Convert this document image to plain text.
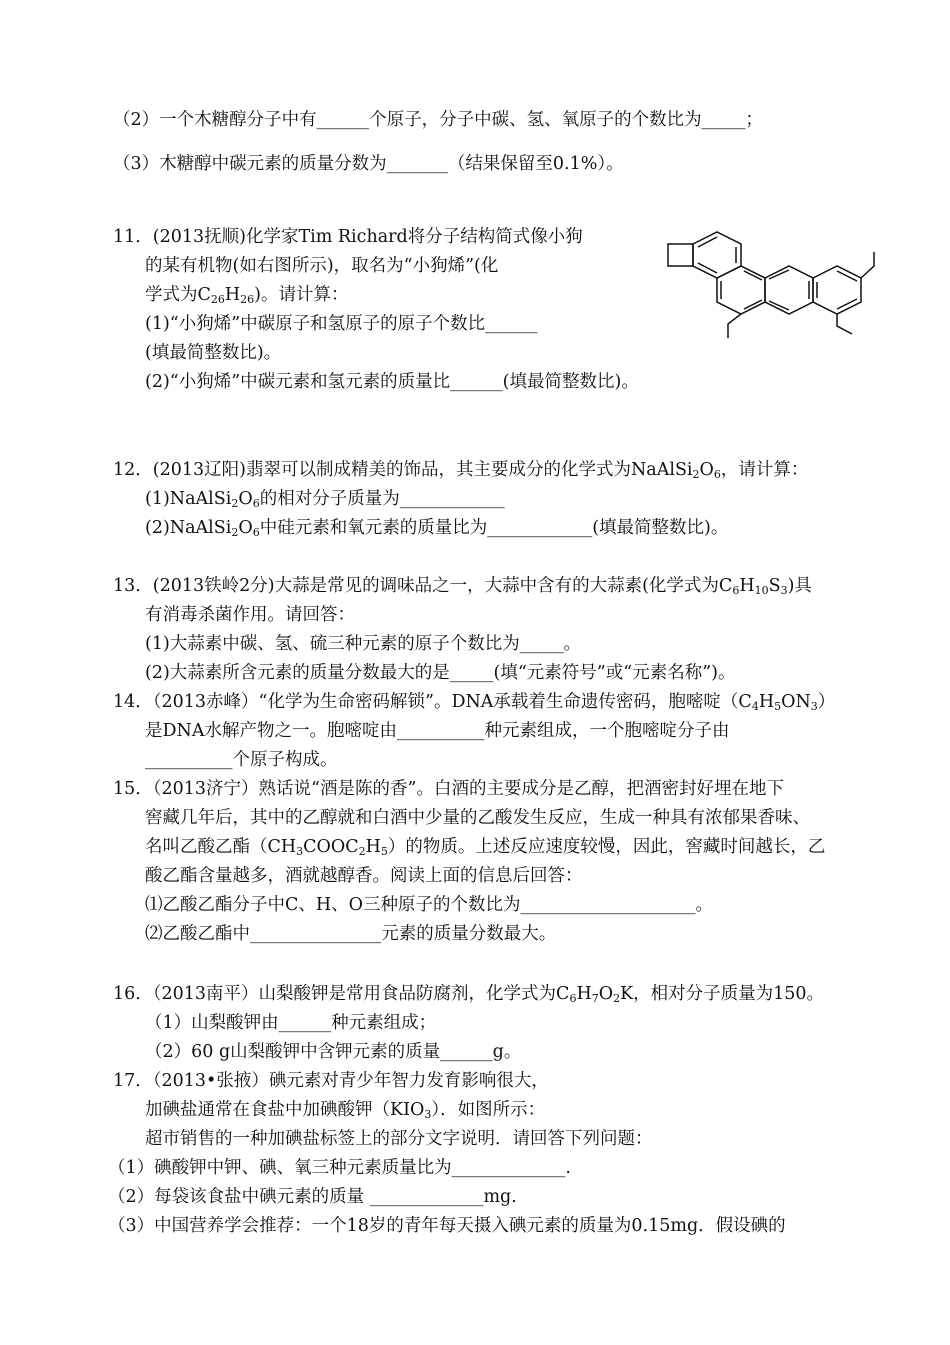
（2）一个木糖醇分子中有______个原子，分子中碳、氢、氧原子的个数比为_____；
（3）木糖醇中碳元素的质量分数为_______（结果保留至0.1%）。
11．(2013抚顺)化学家Tim Richard将分子结构简式像小狗
的某有机物(如右图所示)，取名为“小狗烯”(化
学式为$C_{26}H_{26}$)。请计算：
(1)“小狗烯”中碳原子和氢原子的原子个数比______
(填最简整数比)。
(2)“小狗烯”中碳元素和氢元素的质量比______(填最简整数比)。
12．(2013辽阳)翡翠可以制成精美的饰品，其主要成分的化学式为$NaAlSi_2O_6$，请计算：
$(1)NaAlSi_2O_6$的相对分子质量为____________
$(2)NaAlSi_2O_6$中硅元素和氧元素的质量比为____________(填最简整数比)。
13．(2013铁岭2分)大蒜是常见的调味品之一，大蒜中含有的大蒜素(化学式为$C_6H_{10}S_3$)具
有消毒杀菌作用。请回答：
(1)大蒜素中碳、氢、硫三种元素的原子个数比为_____。
(2)大蒜素所含元素的质量分数最大的是_____(填“元素符号”或“元素名称”)。
14．（2013赤峰）“化学为生命密码解锁”。DNA承载着生命遗传密码，胞嘧啶$(C_4H_5ON_3)$
是DNA水解产物之一。胞嘧啶由__________种元素组成，一个胞嘧啶分子由
__________个原子构成。
15．（2013济宁）熟话说“酒是陈的香”。白酒的主要成分是乙醇，把酒密封好埋在地下
窖藏几年后，其中的乙醇就和白酒中少量的乙酸发生反应，生成一种具有浓郁果香味、
名叫乙酸乙酯$(CH_3COOC_2H_5)$的物质。上述反应速度较慢，因此，窖藏时间越长，乙
酸乙酯含量越多，酒就越醇香。阅读上面的信息后回答：
⑴乙酸乙酯分子中C、H、O三种原子的个数比为____________________。
⑵乙酸乙酯中_______________元素的质量分数最大。
16．（2013南平）山梨酸钾是常用食品防腐剂，化学式为$C_6H_7O_2K$，相对分子质量为150。
（1）山梨酸钾由______种元素组成；
（2）60 g山梨酸钾中含钾元素的质量______g。
17．（2013•张掖）碘元素对青少年智力发育影响很大，
加碘盐通常在食盐中加碘酸钾$(KIO_3)$．如图所示：
超市销售的一种加碘盐标签上的部分文字说明．请回答下列问题：
（1）碘酸钾中钾、碘、氧三种元素质量比为_____________.
（2）每袋该食盐中碘元素的质量 _____________mg.
（3）中国营养学会推荐：一个18岁的青年每天摄入碘元素的质量为0.15mg．假设碘的
